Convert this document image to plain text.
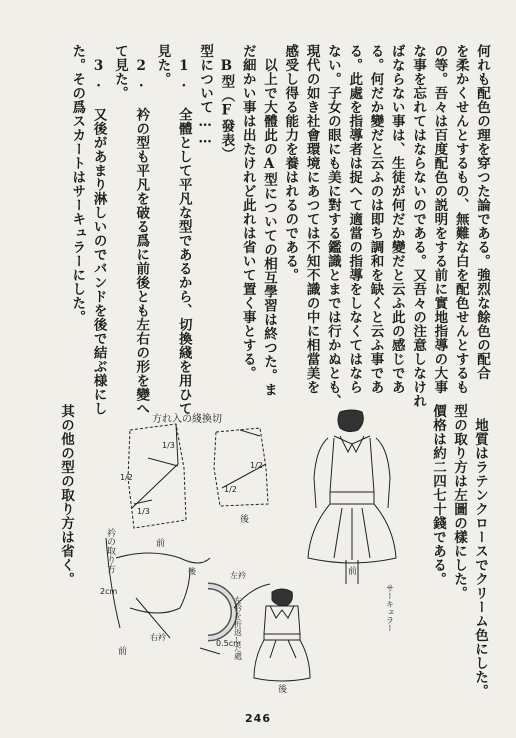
何れも配色の理を穿つた論である。強烈な餘色の配合
を柔かくせんとするもの、無難な白を配色せんとするも
の等。吾々は百度配色の説明をする前に實地指導の大事
な事を忘れてはならないのである。又吾々の注意しなけれ
ばならない事は、生徒が何だか變だと云ふ此の感じであ
る。何だか變だと云ふのは即ち調和を缺くと云ふ事であ
る。此處を指導者は捉へて適當の指導をしなくてはなら
ない。子女の眼にも美に對する鑑識とまでは行かぬとも、
現代の如き社會環境にあつては不知不識の中に相當美を
感受し得る能力を養はれるのである。
　以上で大體此のA型についての相互學習は終つた。ま
だ細かい事は出たけれど此れは省いて置く事とする。
　B型（F發表）
型について……
　1. 全體として平凡な型であるから、切換綫を用ひて
見た。
　2. 衿の型も平凡を破る爲に前後とも左右の形を變へ
て見た。
　3. 又後があまり淋しいのでバンドを後で結ぶ様にし
た。その爲スカートはサーキュラーにした。
　地質はラテンクロースでクリーム色にした。
型の取り方は左圖の樣にした。
價格は約二四七十錢である。
其の他の型の取り方は省く。	方れ入の綫換切
1/3
1/2
1/3
前
1/2
1/2
後
衿の取り方
2cm
後
右衿
左衿
0.5cm
前	左衿を折返した處
前
サーキュラー
後
246
